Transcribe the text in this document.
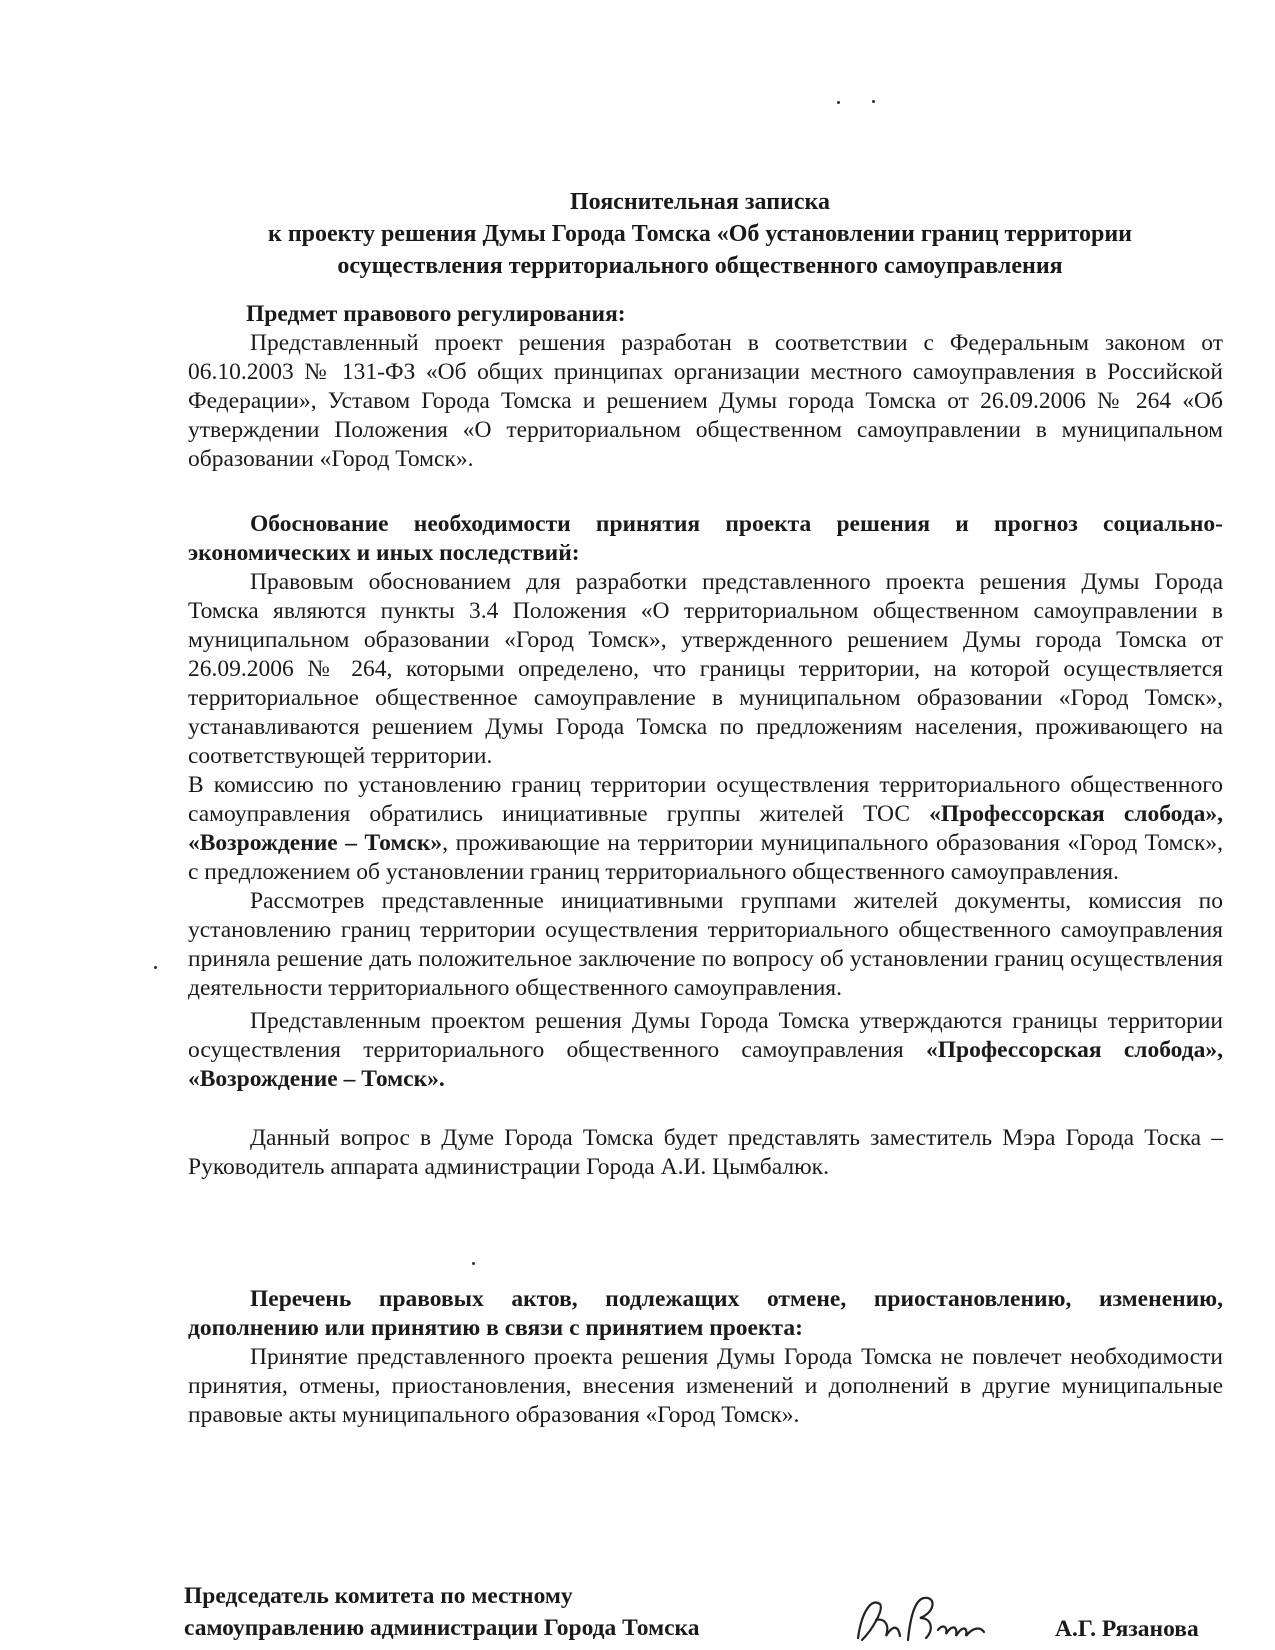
Пояснительная записка
к проекту решения Думы Города Томска «Об установлении границ территории
осуществления территориального общественного самоуправления

Предмет правового регулирования:

Представленный проект решения разработан в соответствии с Федеральным законом от 06.10.2003 № 131-ФЗ «Об общих принципах организации местного самоуправления в Российской Федерации», Уставом Города Томска и решением Думы города Томска от 26.09.2006 № 264 «Об утверждении Положения «О территориальном общественном самоуправлении в муниципальном образовании «Город Томск».

Обоснование необходимости принятия проекта решения и прогноз социально-экономических и иных последствий:

Правовым обоснованием для разработки представленного проекта решения Думы Города Томска являются пункты 3.4 Положения «О территориальном общественном самоуправлении в муниципальном образовании «Город Томск», утвержденного решением Думы города Томска от 26.09.2006 № 264, которыми определено, что границы территории, на которой осуществляется территориальное общественное самоуправление в муниципальном образовании «Город Томск», устанавливаются решением Думы Города Томска по предложениям населения, проживающего на соответствующей территории.

В комиссию по установлению границ территории осуществления территориального общественного самоуправления обратились инициативные группы жителей ТОС «Профессорская слобода», «Возрождение – Томск», проживающие на территории муниципального образования «Город Томск», с предложением об установлении границ территориального общественного самоуправления.

Рассмотрев представленные инициативными группами жителей документы, комиссия по установлению границ территории осуществления территориального общественного самоуправления приняла решение дать положительное заключение по вопросу об установлении границ осуществления деятельности территориального общественного самоуправления.

Представленным проектом решения Думы Города Томска утверждаются границы территории осуществления территориального общественного самоуправления «Профессорская слобода», «Возрождение – Томск».

Данный вопрос в Думе Города Томска будет представлять заместитель Мэра Города Тоска – Руководитель аппарата администрации Города А.И. Цымбалюк.

Перечень правовых актов, подлежащих отмене, приостановлению, изменению, дополнению или принятию в связи с принятием проекта:

Принятие представленного проекта решения Думы Города Томска не повлечет необходимости принятия, отмены, приостановления, внесения изменений и дополнений в другие муниципальные правовые акты муниципального образования «Город Томск».

Председатель комитета по местному
самоуправлению администрации Города Томска	А.Г. Рязанова
